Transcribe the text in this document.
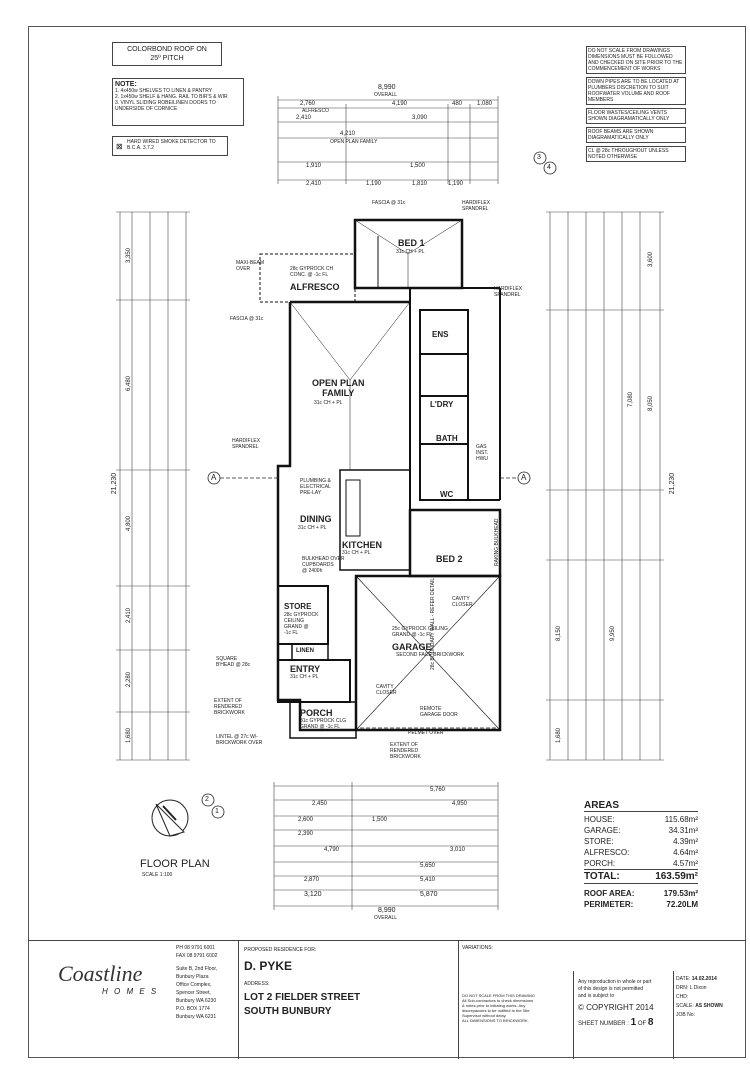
COLORBOND ROOF ON
25º PITCH
NOTE:
1. 4x450w SHELVES TO LINEN & PANTRY
2. 1x450w SHELF & HANG. RAIL TO BIR'S & WIR
3. VINYL SLIDING ROBE/LINEN DOORS TO UNDERSIDE OF CORNICE
⊠ HARD WIRED SMOKE DETECTOR TO B.C.A. 3.7.2
DO NOT SCALE FROM DRAWINGS DIMENSIONS MUST BE FOLLOWED AND CHECKED ON SITE PRIOR TO THE COMMENCEMENT OF WORKS
DOWN PIPES ARE TO BE LOCATED AT PLUMBERS DISCRETION TO SUIT ROOFWATER VOLUME AND ROOF MEMBERS
FLOOR WASTES/CEILING VENTS SHOWN DIAGRAMATICALLY ONLY
ROOF BEAMS ARE SHOWN DIAGRAMATICALLY ONLY
CL @ 28c THROUGHOUT UNLESS NOTED OTHERWISE
8,990
OVERALL
2,760	4,190	480 1,080
ALFRESCO
2,410	3,090
4,210
OPEN PLAN FAMILY
1,910	1,500
2,410	1,190	1,810	1,190
5,760
2,450	4,950
2,600	1,500
2,390
4,790	3,010
5,650
2,870	5,410
3,120	5,870
8,990
OVERALL
3,350
6,480
21,230
4,800
2,410
2,280
1,680
3,600
7,080 8,050
21,230
8,150	9,950
1,680
A	A
3
4
2
1
BED 1
31c CH + PL
ALFRESCO
28c GYPROCK CH
CONC. @ -1c FL
OPEN PLAN
FAMILY
31c CH + PL
ENS
L'DRY
BATH
WC
DINING
31c CH + PL
KITCHEN
31c CH + PL
BED 2
STORE
28c GYPROCK
CEILING
GRAND @
-1c FL
LINEN	GARAGE
25c GYPROCK CEILING
GRAND @ -1c FL
ENTRY
31c CH + PL
PORCH
31c GYPROCK CLG
GRAND @ -1c FL
FASCIA @ 31c	HARDIFLEX
SPANDREL
HARDIFLEX
SPANDREL
HARDIFLEX
SPANDREL
MAXI-BEAM
OVER
FASCIA @ 31c
PLUMBING &
ELECTRICAL
PRE-LAY
BULKHEAD OVER
CUPBOARDS
@ 2400h
CAVITY
CLOSER
CAVITY
CLOSER
SECOND FACE BRICKWORK
REMOTE
GARAGE DOOR
PELMET OVER
EXTENT OF
RENDERED
BRICKWORK
EXTENT OF
RENDERED
BRICKWORK
LINTEL @ 27c W/-
BRICKWORK OVER
SQUARE
B'HEAD @ 28c	28c BOUNDARY WALL - REFER DETAIL
RAKING BULKHEAD
GAS
INST.
HWU
FLOOR PLAN
SCALE 1:100
AREAS
HOUSE:	115.68m²
GARAGE:	34.31m²
STORE:	4.39m²
ALFRESCO:	4.64m²
PORCH:	4.57m²
TOTAL:	163.59m²
ROOF AREA:	179.53m²
PERIMETER:	72.20LM
Coastline
H O M E S
PH 08 9791 6001
FAX 08 9791 6002
Suite B, 2nd Floor,
Bunbury Plaza
Office Complex,
Spencer Street,
Bunbury WA 6230
P.O. BOX 1774
Bunbury WA 6231
PROPOSED RESIDENCE FOR:
D. PYKE
ADDRESS:
LOT 2 FIELDER STREET
SOUTH BUNBURY
VARIATIONS:
DO NOT SCALE FROM THIS DRAWING
All Sub-contractors to check dimensions
& notes prior to initiating works. Any
discrepancies to be notified to the Site
Supervisor without delay.
ALL DIMENSIONS TO BRICKWORK.
Any reproduction in whole or part
of this design is not permitted
and is subject to
© COPYRIGHT 2014
SHEET NUMBER : 1 OF 8
DATE: 14.02.2014
DRN: L.Dixon
CHD:
SCALE: AS SHOWN
JOB No:
